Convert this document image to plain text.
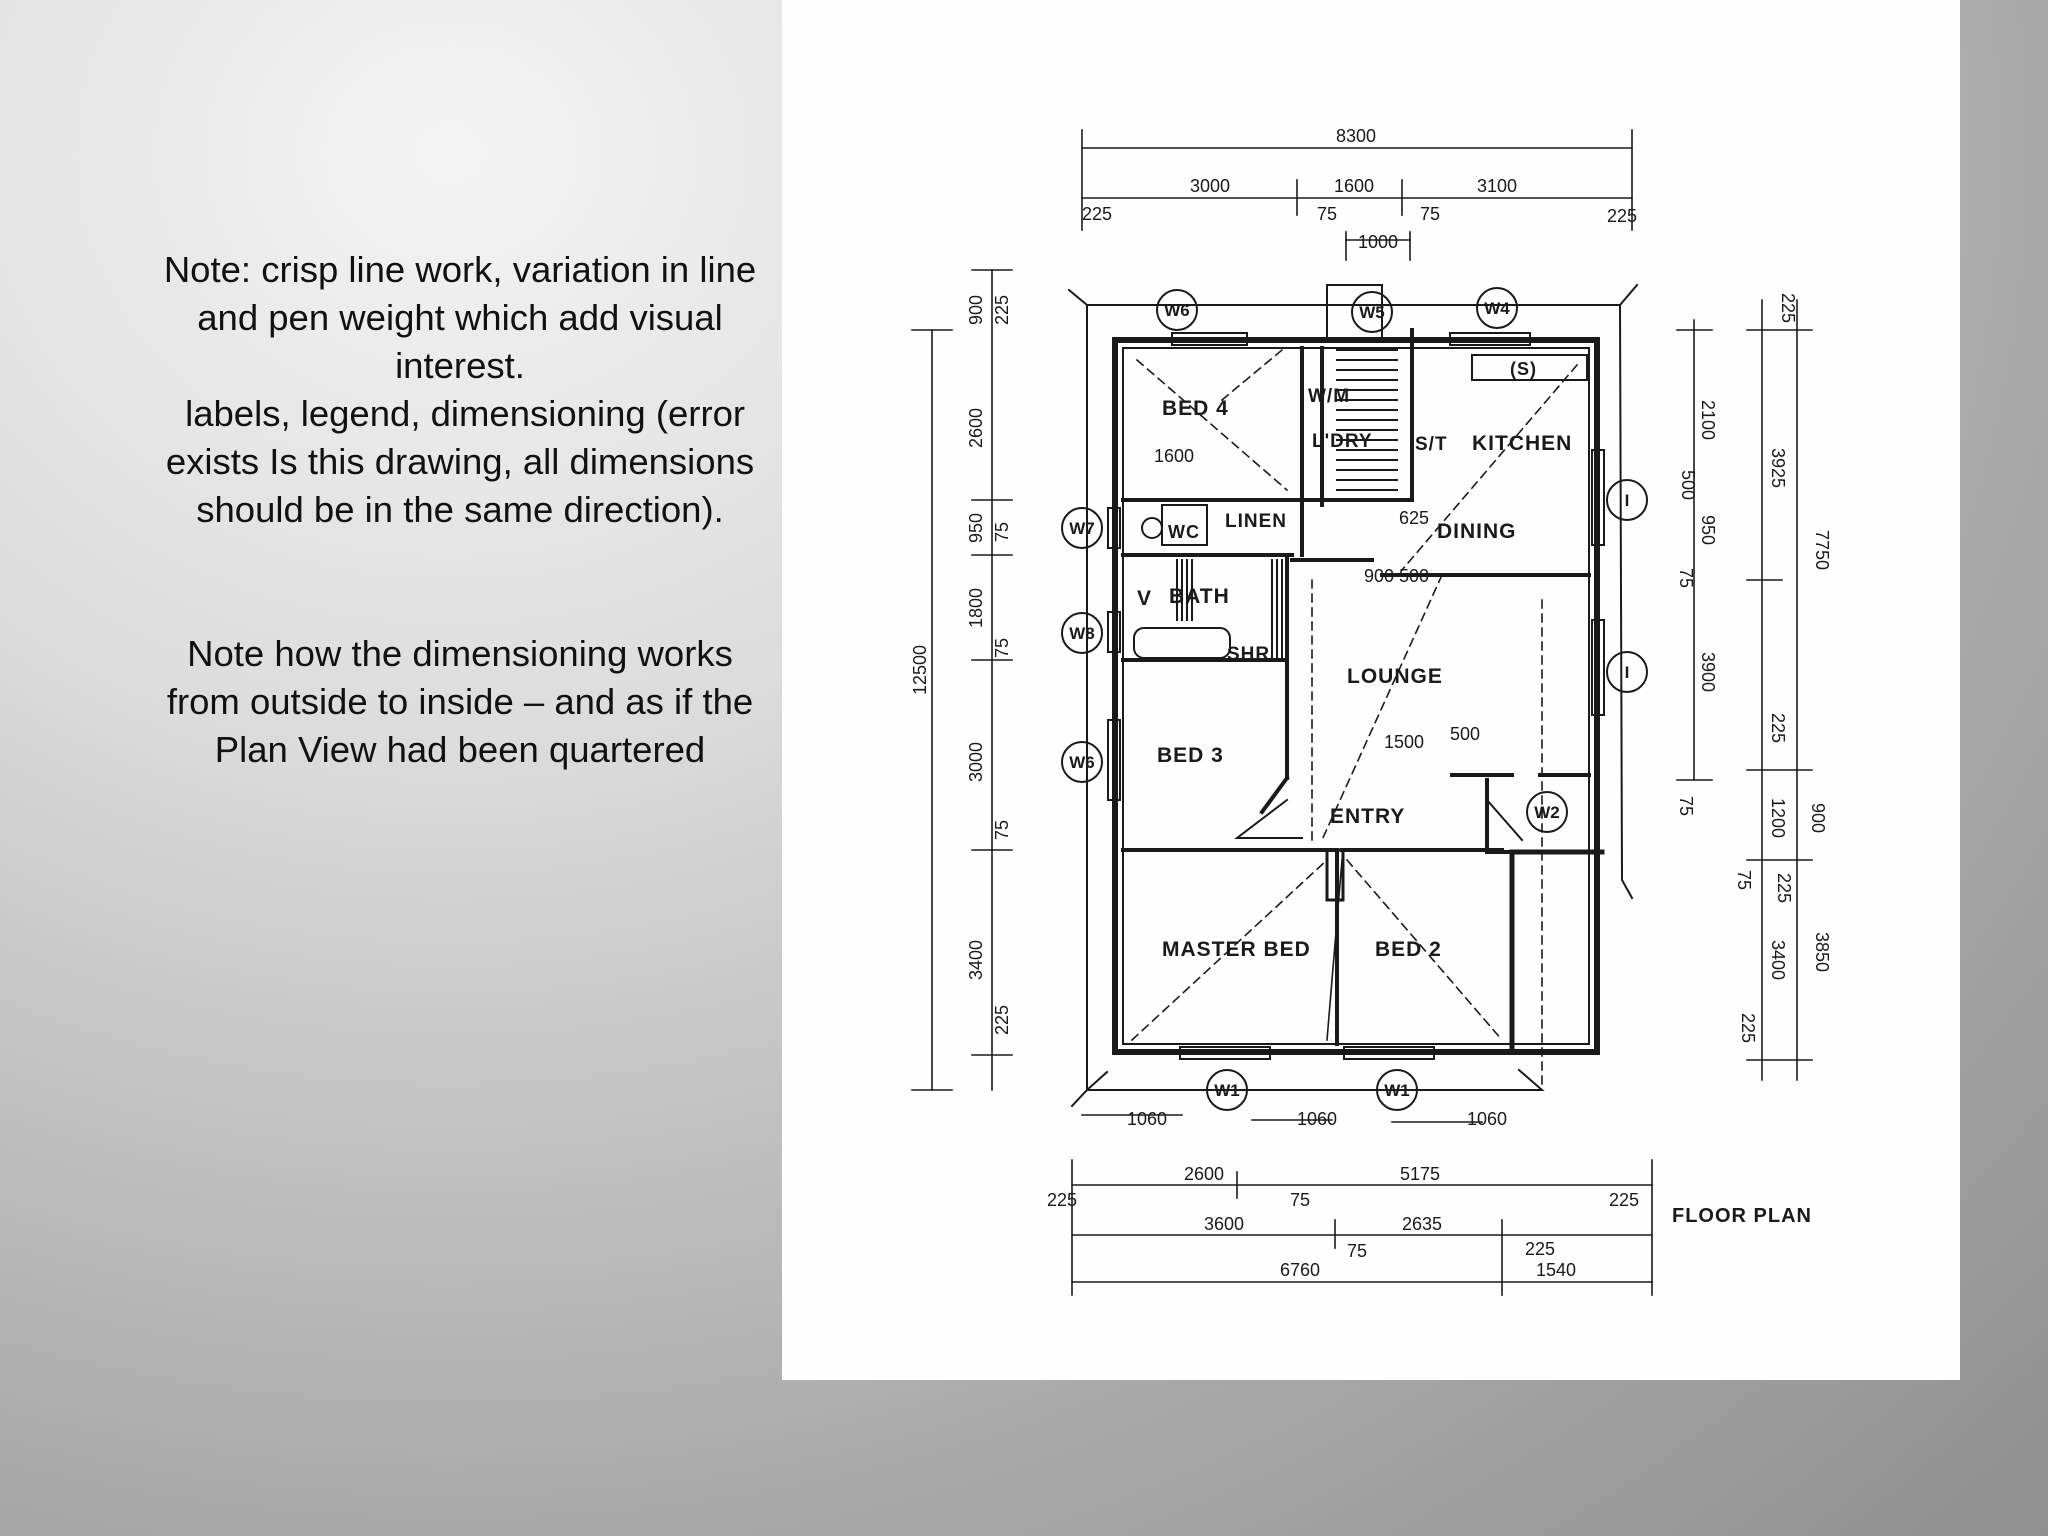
Note: crisp line work, variation in line

and pen weight which add visual

interest.

labels, legend, dimensioning (error

exists Is this drawing, all dimensions

should be in the same direction).

Note how the dimensioning works

from outside to inside – and as if the

Plan View had been quartered

BED 4
W/M
L'DRY S/T KITCHEN
(S)
WC LINEN	DINING
V BATH
SHR
LOUNGE
BED 3
ENTRY
MASTER BED	BED 2
FLOOR PLAN
W6	W5	W4
W7
W8
W6
W2
W1	W1
I
I
8300
3000	1600	3100
225	75	75	225
1000
1600
625
900 500
1500 500
12500
900 225
2600
950 75
1800
75
3000
75
3400
225
225
2100
500	3925
950
75
3900
7750
225
75	1200 900
75 225
3400 3850
225
1060	1060	1060
225
2600
75
5175
225
3600
75
2635
225
6760	1540
